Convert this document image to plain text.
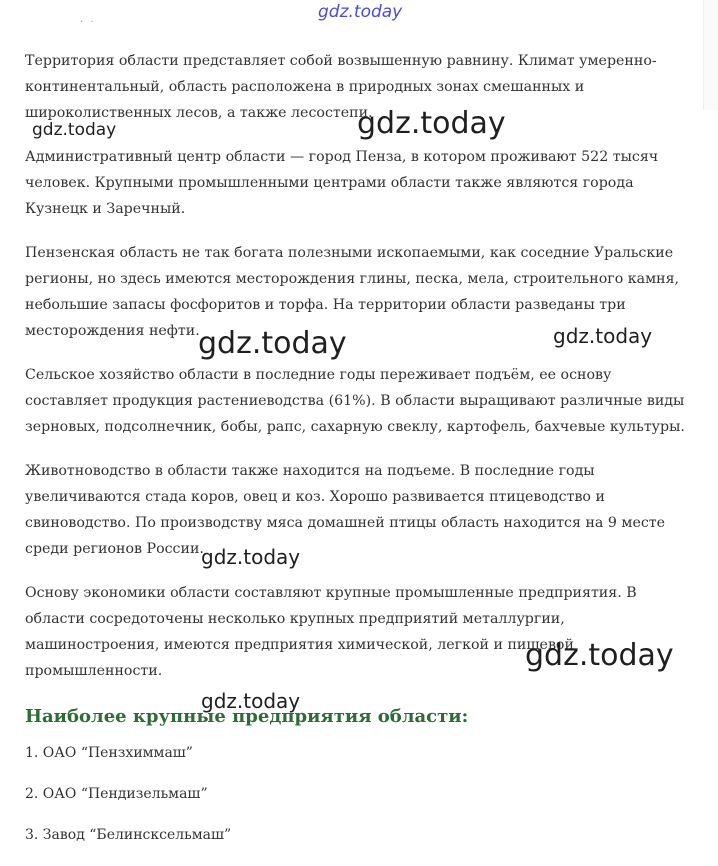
. .

Территория области представляет собой возвышенную равнину. Климат умеренно-континентальный, область расположена в природных зонах смешанных и широколиственных лесов, а также лесостепи.

Административный центр области — город Пенза, в котором проживают 522 тысяч человек. Крупными промышленными центрами области также являются города Кузнецк и Заречный.

Пензенская область не так богата полезными ископаемыми, как соседние Уральские регионы, но здесь имеются месторождения глины, песка, мела, строительного камня, небольшие запасы фосфоритов и торфа. На территории области разведаны три месторождения нефти.

Сельское хозяйство области в последние годы переживает подъём, ее основу составляет продукция растениеводства (61%). В области выращивают различные виды зерновых, подсолнечник, бобы, рапс, сахарную свеклу, картофель, бахчевые культуры.

Животноводство в области также находится на подъеме. В последние годы увеличиваются стада коров, овец и коз. Хорошо развивается птицеводство и свиноводство. По производству мяса домашней птицы область находится на 9 месте среди регионов России.

Основу экономики области составляют крупные промышленные предприятия. В области сосредоточены несколько крупных предприятий металлургии, машиностроения, имеются предприятия химической, легкой и пищевой промышленности.

Наиболее крупные предприятия области:
1. ОАО “Пензхиммаш”
2. ОАО “Пендизельмаш”
3. Завод “Белинсксельмаш”
gdz.today
gdz.today	gdz.today
gdz.today	gdz.today
gdz.today
gdz.today
gdz.today
